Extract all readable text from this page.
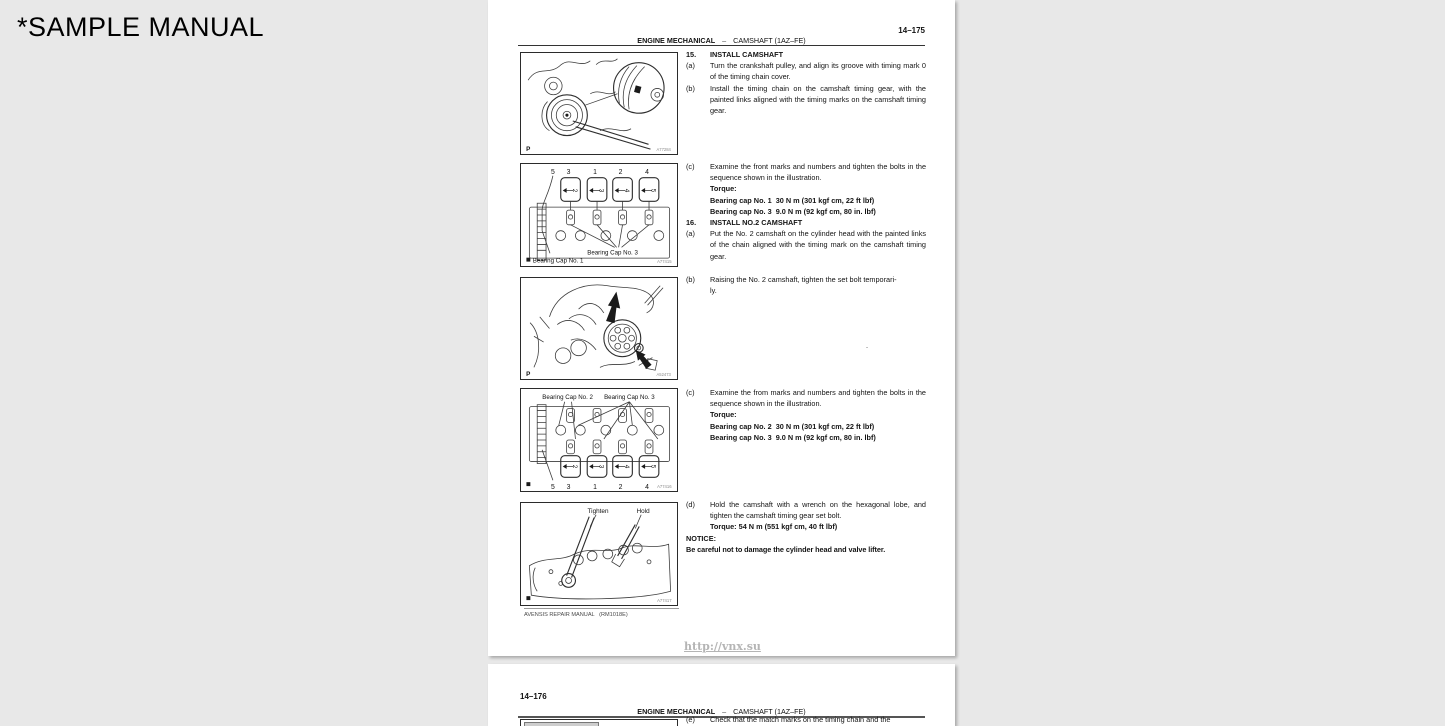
*SAMPLE MANUAL	14–175
ENGINE MECHANICAL – CAMSHAFT (1AZ–FE)
P	A77284
2	3	4	5
5 3	1	2	4
Bearing Cap No. 1
Bearing Cap No. 3
A77415
P	A52473
Bearing Cap No. 2 Bearing Cap No. 3
2	3	4	5
5 3	1	2	4 A77416
Tighten	Hold
A77417
15. INSTALL CAMSHAFT
(a) Turn the crankshaft pulley, and align its groove with timing mark 0 of the timing chain cover.
(b) Install the timing chain on the camshaft timing gear, with the painted links aligned with the timing marks on the camshaft timing gear.
(c) Examine the front marks and numbers and tighten the bolts in the sequence shown in the illustration.
Torque:
Bearing cap No. 1  30 N m (301 kgf cm, 22 ft lbf)
Bearing cap No. 3  9.0 N m (92 kgf cm, 80 in. lbf)
16. INSTALL NO.2 CAMSHAFT
(a) Put the No. 2 camshaft on the cylinder head with the painted links of the chain aligned with the timing mark on the camshaft timing gear.
(b) Raising the No. 2 camshaft, tighten the set bolt temporari-
ly.
.
(c) Examine the from marks and numbers and tighten the bolts in the sequence shown in the illustration.
Torque:
Bearing cap No. 2  30 N m (301 kgf cm, 22 ft lbf)
Bearing cap No. 3  9.0 N m (92 kgf cm, 80 in. lbf)
(d) Hold the camshaft with a wrench on the hexagonal lobe, and tighten the camshaft timing gear set bolt.
Torque: 54 N m (551 kgf cm, 40 ft lbf)
NOTICE:
Be careful not to damage the cylinder head and valve lifter.
AVENSIS REPAIR MANUAL   (RM1018E)
http://vnx.su
14–176
ENGINE MECHANICAL – CAMSHAFT (1AZ–FE)
(e) Check that the match marks on the timing chain and the
